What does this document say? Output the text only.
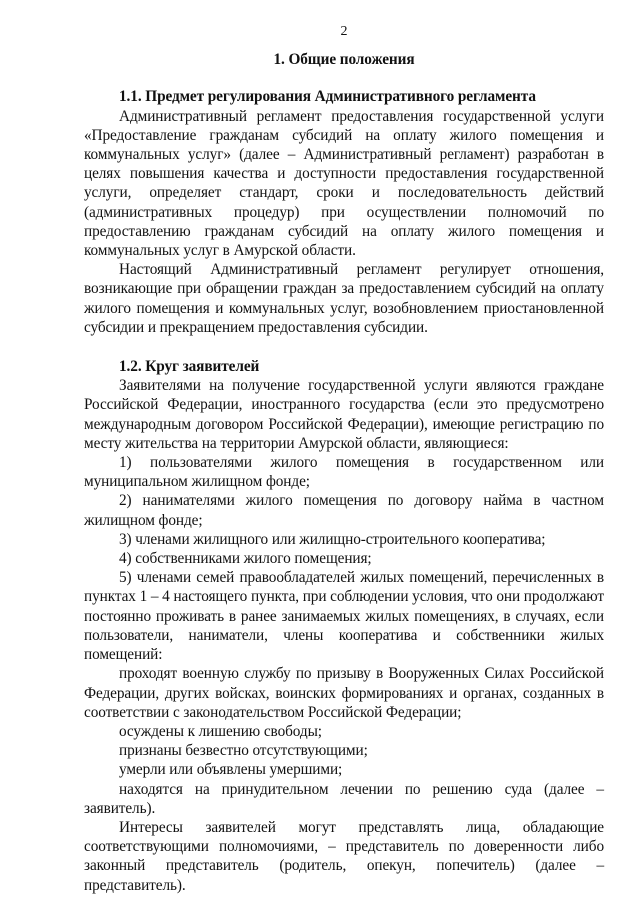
2
1. Общие положения
1.1. Предмет регулирования Административного регламента

Административный регламент предоставления государственной услуги «Предоставление гражданам субсидий на оплату жилого помещения и коммунальных услуг» (далее – Административный регламент) разработан в целях повышения качества и доступности предоставления государственной услуги, определяет стандарт, сроки и последовательность действий (административных процедур) при осуществлении полномочий по предоставлению гражданам субсидий на оплату жилого помещения и коммунальных услуг в Амурской области.

Настоящий Административный регламент регулирует отношения, возникающие при обращении граждан за предоставлением субсидий на оплату жилого помещения и коммунальных услуг, возобновлением приостановленной субсидии и прекращением предоставления субсидии.

1.2. Круг заявителей

Заявителями на получение государственной услуги являются граждане Российской Федерации, иностранного государства (если это предусмотрено международным договором Российской Федерации), имеющие регистрацию по месту жительства на территории Амурской области, являющиеся:

1) пользователями жилого помещения в государственном или муниципальном жилищном фонде;

2) нанимателями жилого помещения по договору найма в частном жилищном фонде;

3) членами жилищного или жилищно-строительного кооператива;

4) собственниками жилого помещения;

5) членами семей правообладателей жилых помещений, перечисленных в пунктах 1 – 4 настоящего пункта, при соблюдении условия, что они продолжают постоянно проживать в ранее занимаемых жилых помещениях, в случаях, если пользователи, наниматели, члены кооператива и собственники жилых помещений:

проходят военную службу по призыву в Вооруженных Силах Российской Федерации, других войсках, воинских формированиях и органах, созданных в соответствии с законодательством Российской Федерации;

осуждены к лишению свободы;

признаны безвестно отсутствующими;

умерли или объявлены умершими;

находятся на принудительном лечении по решению суда (далее – заявитель).

Интересы заявителей могут представлять лица, обладающие соответствующими полномочиями, – представитель по доверенности либо законный представитель (родитель, опекун, попечитель) (далее – представитель).
